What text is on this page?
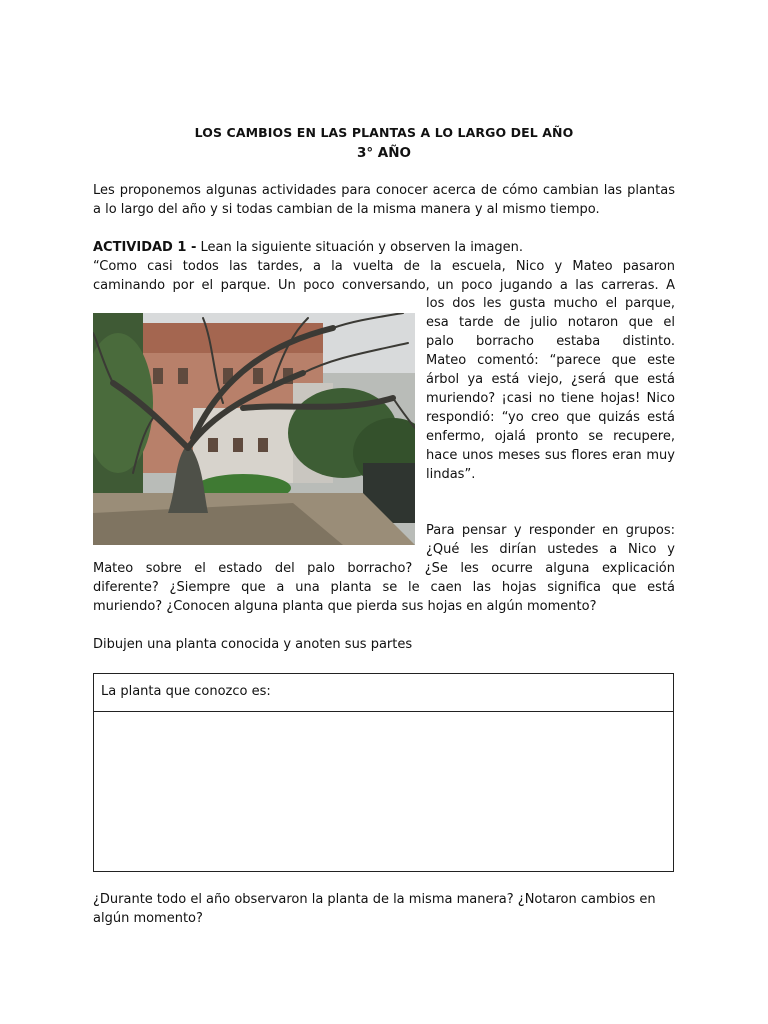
LOS CAMBIOS EN LAS PLANTAS A LO LARGO DEL AÑO
3° AÑO
Les proponemos algunas actividades para conocer acerca de cómo cambian las plantas a lo largo del año y si todas cambian de la misma manera y al mismo tiempo.
ACTIVIDAD 1 - Lean la siguiente situación y observen la imagen.
“Como casi todos las tardes, a la vuelta de la escuela, Nico y Mateo pasaron
caminando por el parque. Un poco conversando, un poco jugando a las carreras. A
los dos les gusta mucho el parque,
esa tarde de julio notaron que el
palo borracho estaba distinto.
Mateo comentó: “parece que este
árbol ya está viejo, ¿será que está
muriendo? ¡casi no tiene hojas! Nico
respondió: “yo creo que quizás está
enfermo, ojalá pronto se recupere,
hace unos meses sus flores eran muy
lindas”.
Para pensar y responder en grupos:
¿Qué les dirían ustedes a Nico y
Mateo sobre el estado del palo borracho? ¿Se les ocurre alguna explicación
diferente? ¿Siempre que a una planta se le caen las hojas significa que está
muriendo? ¿Conocen alguna planta que pierda sus hojas en algún momento?
Dibujen una planta conocida y anoten sus partes
La planta que conozco es:
¿Durante todo el año observaron la planta de la misma manera? ¿Notaron cambios en algún momento?
